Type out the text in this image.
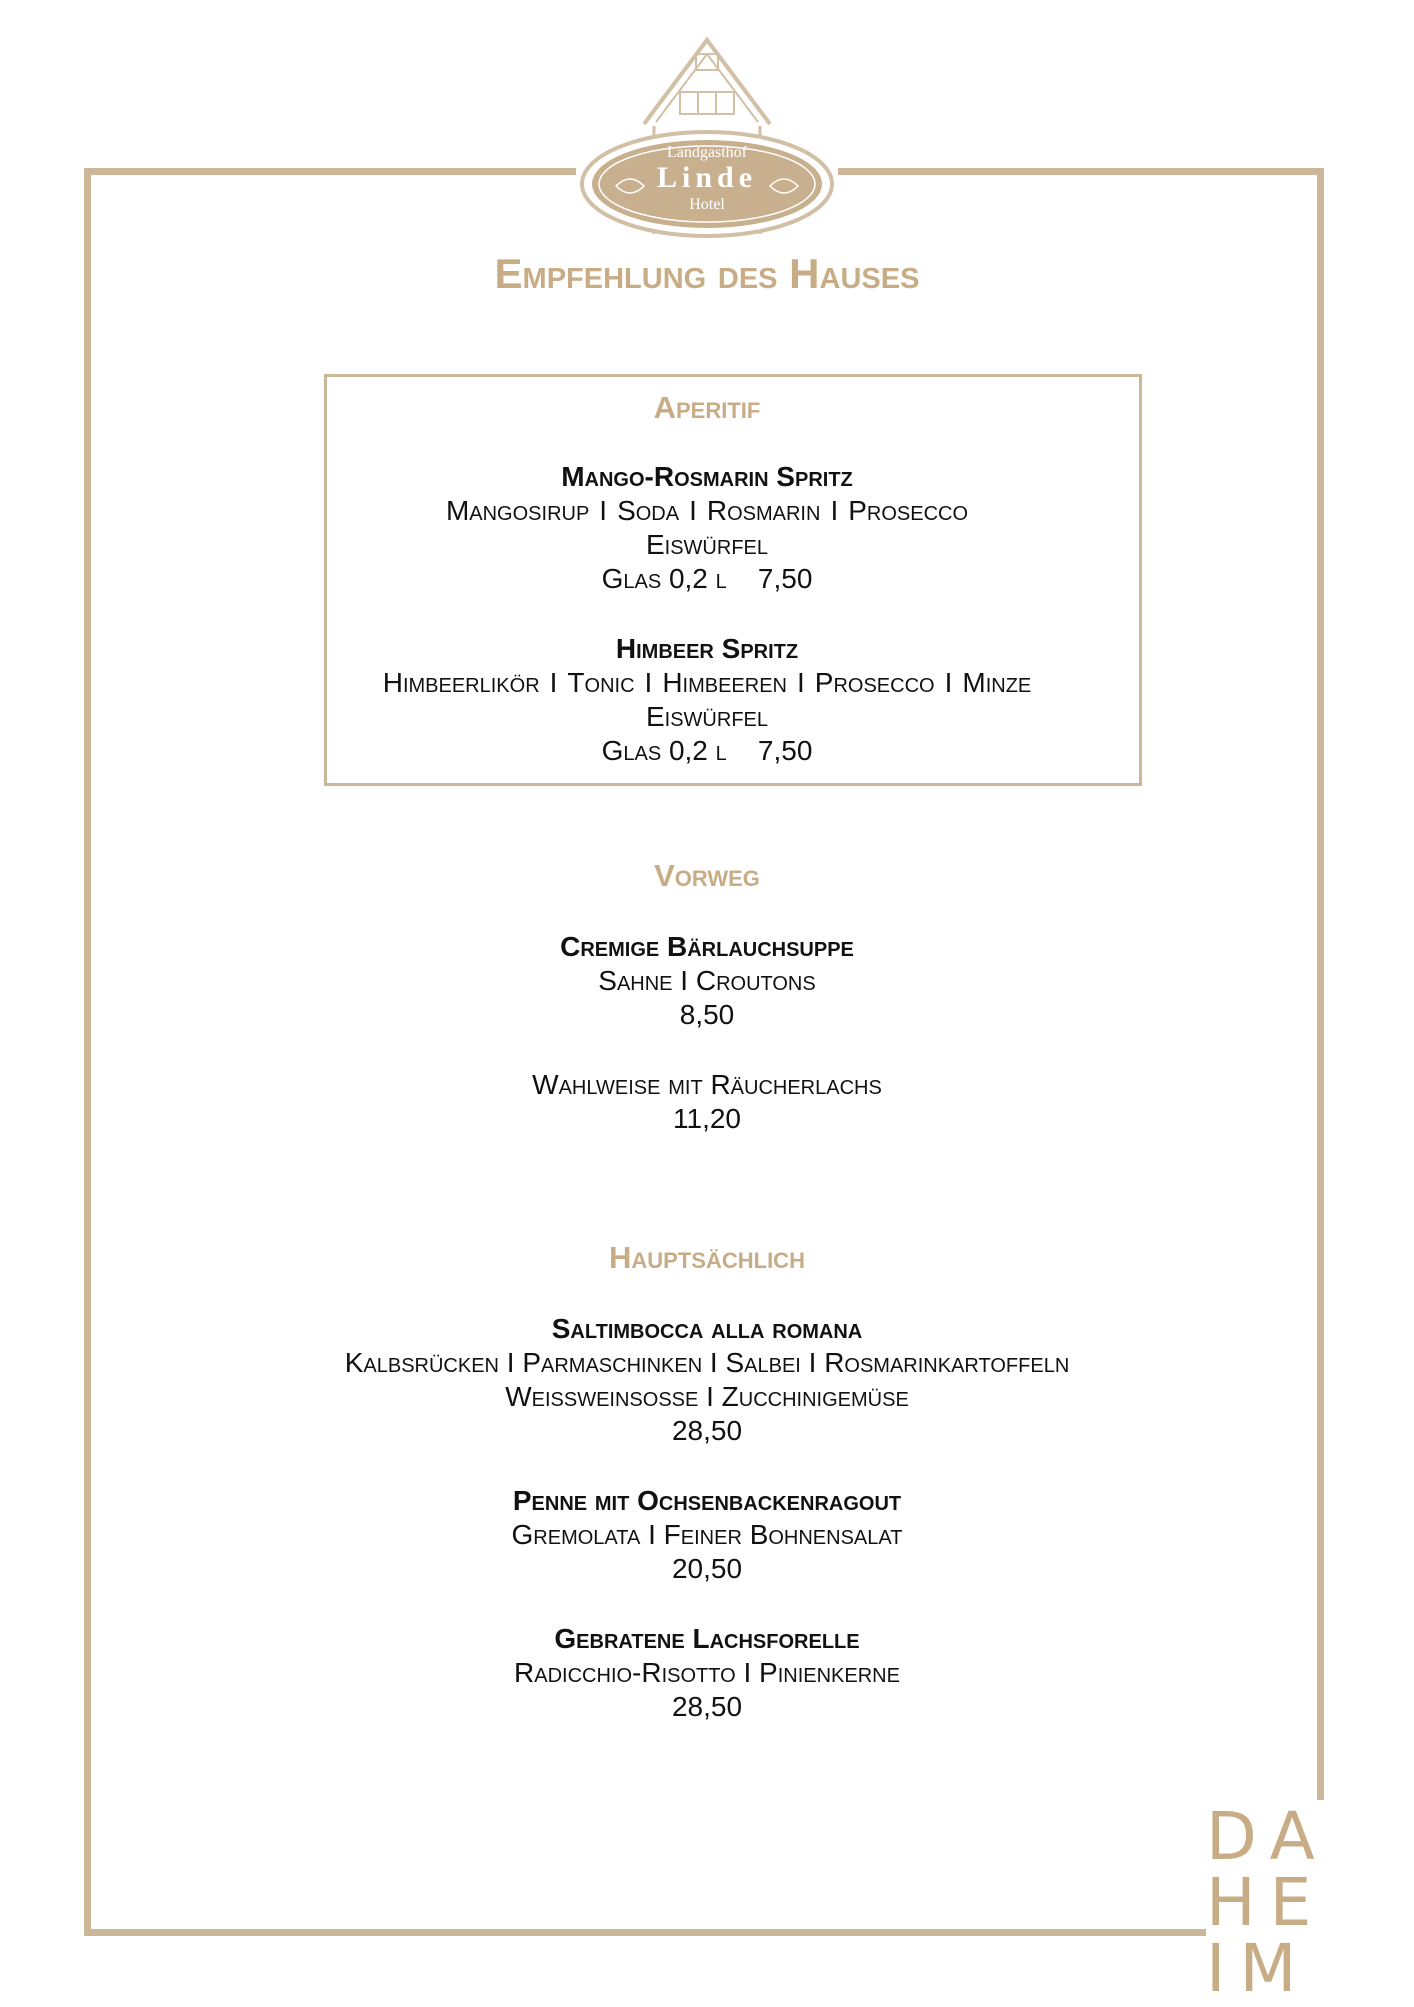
Landgasthof
Linde
Hotel
Empfehlung des Hauses
Aperitif
Mango-Rosmarin Spritz
Mangosirup I Soda I Rosmarin I Prosecco
Eiswürfel
Glas 0,2 l 7,50
Himbeer Spritz
Himbeerlikör I Tonic I Himbeeren I Prosecco I Minze
Eiswürfel
Glas 0,2 l 7,50
Vorweg
Cremige Bärlauchsuppe
Sahne I Croutons
8,50
Wahlweise mit Räucherlachs
11,20
Hauptsächlich
Saltimbocca alla romana
Kalbsrücken I Parmaschinken I Salbei I Rosmarinkartoffeln
Weißweinsoße I Zucchinigemüse
28,50
Penne mit Ochsenbackenragout
Gremolata I Feiner Bohnensalat
20,50
Gebratene Lachsforelle
Radicchio-Risotto I Pinienkerne
28,50
DA
HE
IM
